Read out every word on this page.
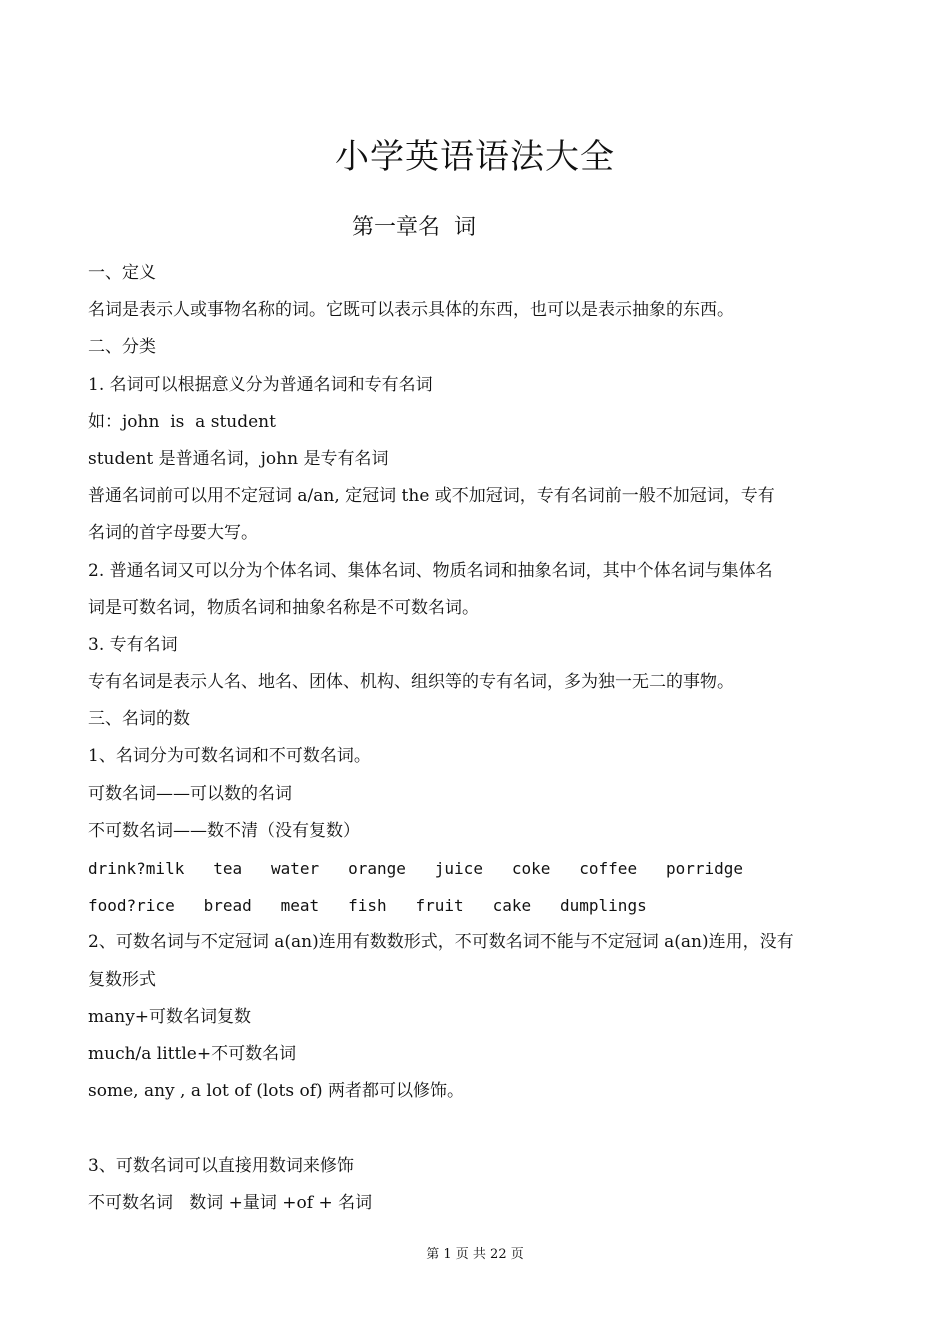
小学英语语法大全
第一章名  词
一、定义
名词是表示人或事物名称的词。它既可以表示具体的东西，也可以是表示抽象的东西。
二、分类
1. 名词可以根据意义分为普通名词和专有名词
如：john  is  a student
student 是普通名词，john 是专有名词
普通名词前可以用不定冠词 a/an, 定冠词 the 或不加冠词，专有名词前一般不加冠词，专有
名词的首字母要大写。
2. 普通名词又可以分为个体名词、集体名词、物质名词和抽象名词，其中个体名词与集体名
词是可数名词，物质名词和抽象名称是不可数名词。
3. 专有名词
专有名词是表示人名、地名、团体、机构、组织等的专有名词，多为独一无二的事物。
三、名词的数
1、名词分为可数名词和不可数名词。
可数名词——可以数的名词
不可数名词——数不清（没有复数）
drink?milk   tea   water   orange   juice   coke   coffee   porridge
food?rice   bread   meat   fish   fruit   cake   dumplings
2、可数名词与不定冠词 a(an)连用有数数形式，不可数名词不能与不定冠词 a(an)连用，没有
复数形式
many+可数名词复数
much/a little+不可数名词
some, any , a lot of (lots of) 两者都可以修饰。
3、可数名词可以直接用数词来修饰
不可数名词   数词 +量词 +of + 名词
第 1 页 共 22 页
